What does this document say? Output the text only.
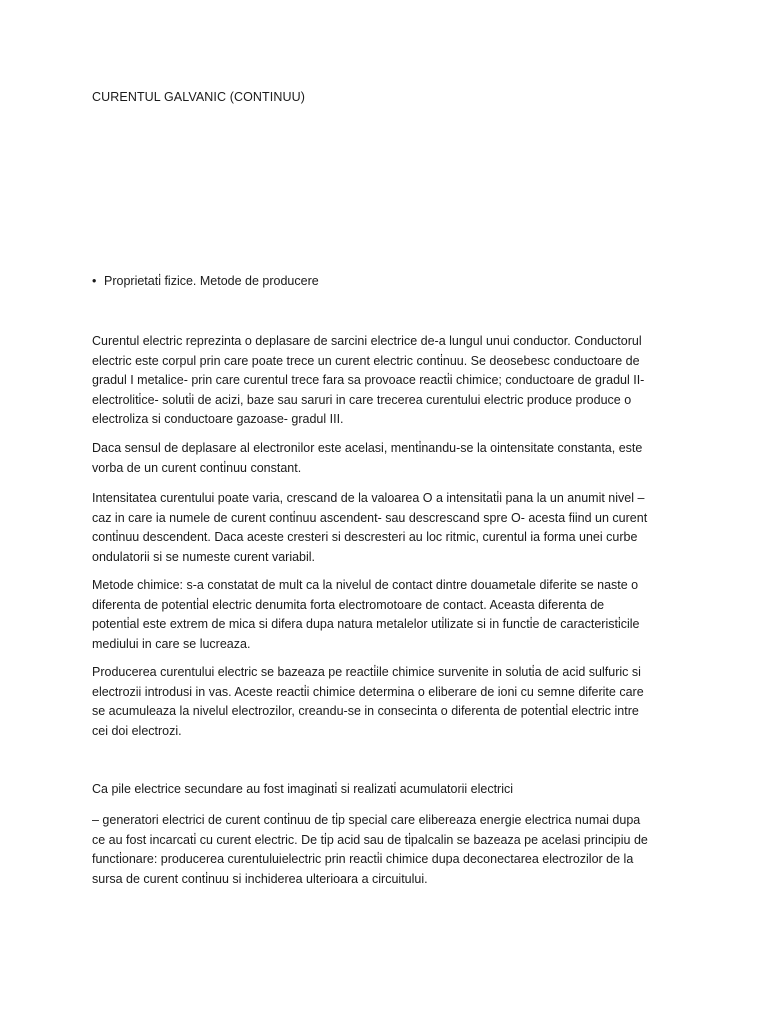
CURENTUL GALVANIC (CONTINUU)
• Proprietati̇ fizice. Metode de producere

Curentul electric reprezinta o deplasare de sarcini electrice de-a lungul unui conductor. Conductorul
electric este corpul prin care poate trece un curent electric conti̇nuu. Se deosebesc conductoare de
gradul I metalice- prin care curentul trece fara sa provoace reacti̇i chimice; conductoare de gradul II-
electroliti̇ce- soluti̇i de acizi, baze sau saruri in care trecerea curentului electric produce produce o
electroliza si conductoare gazoase- gradul III.

Daca sensul de deplasare al electronilor este acelasi, menti̇nandu-se la ointensitate constanta, este
vorba de un curent conti̇nuu constant.

Intensitatea curentului poate varia, crescand de la valoarea O a intensitati̇i pana la un anumit nivel –
caz in care ia numele de curent conti̇nuu ascendent- sau descrescand spre O- acesta fiind un curent
conti̇nuu descendent. Daca aceste cresteri si descresteri au loc ritmic, curentul ia forma unei curbe
ondulatorii si se numeste curent variabil.

Metode chimice: s-a constatat de mult ca la nivelul de contact dintre douametale diferite se naste o
diferenta de potenti̇al electric denumita forta electromotoare de contact. Aceasta diferenta de
potenti̇al este extrem de mica si difera dupa natura metalelor uti̇lizate si in functi̇e de caracteristi̇cile
mediului in care se lucreaza.

Producerea curentului electric se bazeaza pe reacti̇ile chimice survenite in soluti̇a de acid sulfuric si
electrozii introdusi in vas. Aceste reacti̇i chimice determina o eliberare de ioni cu semne diferite care
se acumuleaza la nivelul electrozilor, creandu-se in consecinta o diferenta de potenti̇al electric intre
cei doi electrozi.

Ca pile electrice secundare au fost imaginati̇ si realizati̇ acumulatorii electrici

– generatori electrici de curent conti̇nuu de ti̇p special care elibereaza energie electrica numai dupa
ce au fost incarcati̇ cu curent electric. De ti̇p acid sau de ti̇palcalin se bazeaza pe acelasi principiu de
functi̇onare: producerea curentuluielectric prin reacti̇i chimice dupa deconectarea electrozilor de la
sursa de curent conti̇nuu si inchiderea ulterioara a circuitului.
